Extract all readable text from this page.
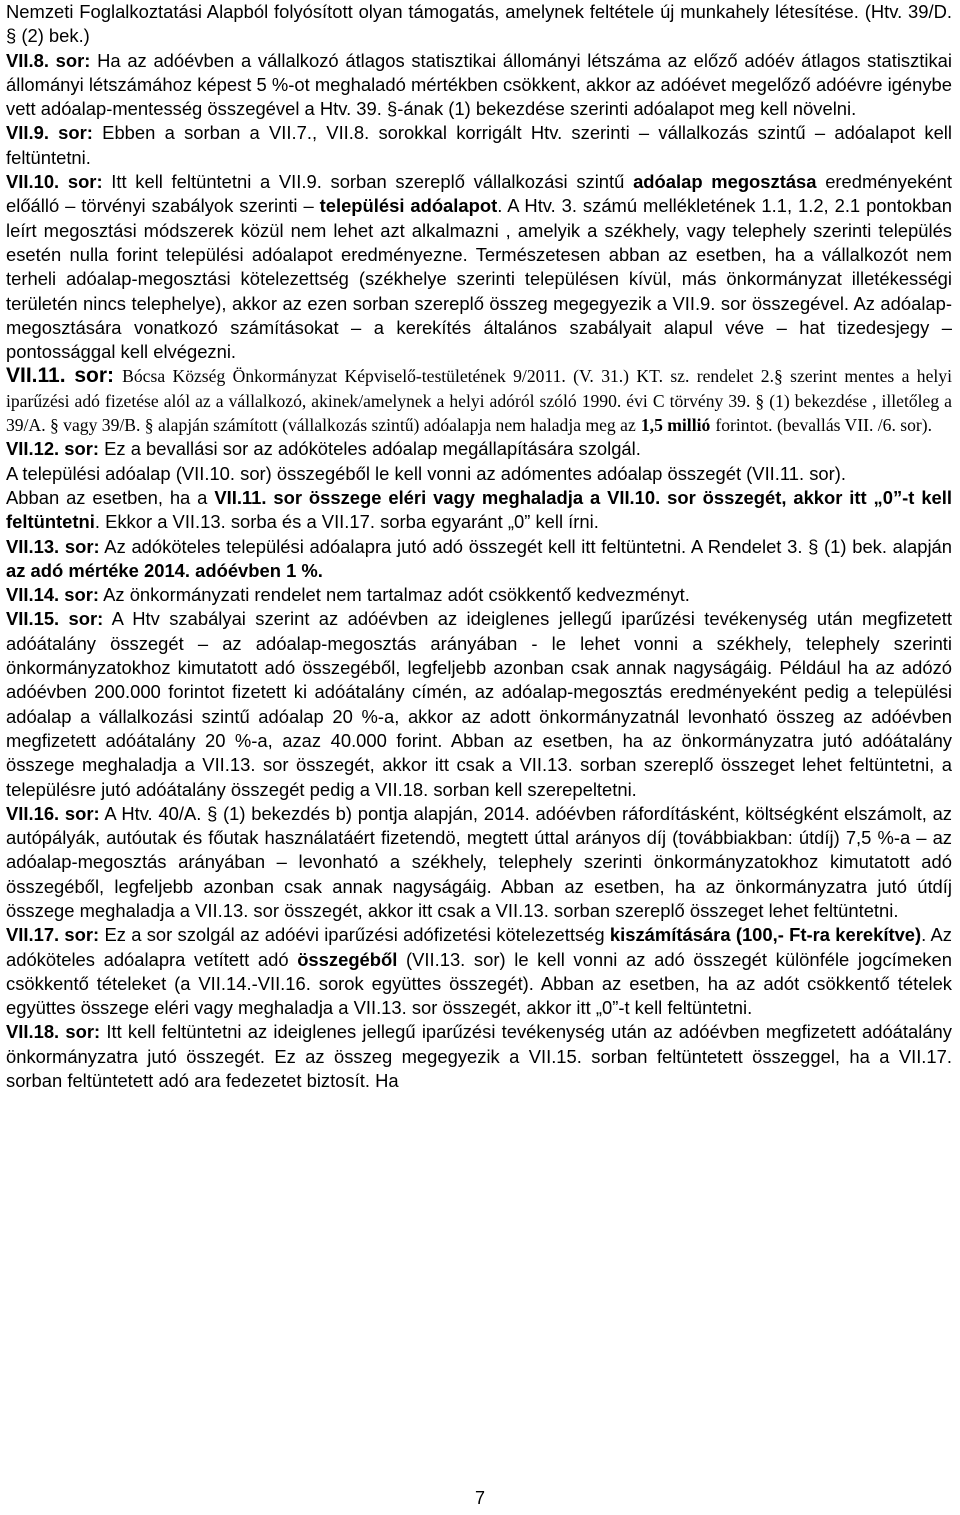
Nemzeti Foglalkoztatási Alapból folyósított olyan támogatás, amelynek feltétele új munkahely létesítése. (Htv. 39/D. § (2) bek.)

VII.8. sor: Ha az adóévben a vállalkozó átlagos statisztikai állományi létszáma az előző adóév átlagos statisztikai állományi létszámához képest 5 %-ot meghaladó mértékben csökkent, akkor az adóévet megelőző adóévre igénybe vett adóalap-mentesség összegével a Htv. 39. §-ának (1) bekezdése szerinti adóalapot meg kell növelni.

VII.9. sor: Ebben a sorban a VII.7., VII.8. sorokkal korrigált Htv. szerinti – vállalkozás szintű – adóalapot kell feltüntetni.

VII.10. sor: Itt kell feltüntetni a VII.9. sorban szereplő vállalkozási szintű adóalap megosztása eredményeként előálló – törvényi szabályok szerinti – települési adóalapot. A Htv. 3. számú mellékletének 1.1, 1.2, 2.1 pontokban leírt megosztási módszerek közül nem lehet azt alkalmazni , amelyik a székhely, vagy telephely szerinti település esetén nulla forint települési adóalapot eredményezne. Természetesen abban az esetben, ha a vállalkozót nem terheli adóalap-megosztási kötelezettség (székhelye szerinti településen kívül, más önkormányzat illetékességi területén nincs telephelye), akkor az ezen sorban szereplő összeg megegyezik a VII.9. sor összegével. Az adóalap-megosztására vonatkozó számításokat – a kerekítés általános szabályait alapul véve – hat tizedesjegy – pontossággal kell elvégezni.

VII.11. sor: Bócsa Község Önkormányzat Képviselő-testületének 9/2011. (V. 31.) KT. sz. rendelet 2.§ szerint mentes a helyi iparűzési adó fizetése alól az a vállalkozó, akinek/amelynek a helyi adóról szóló 1990. évi C törvény 39. § (1) bekezdése , illetőleg a 39/A. § vagy 39/B. § alapján számított (vállalkozás szintű) adóalapja nem haladja meg az 1,5 millió forintot. (bevallás VII. /6. sor).

VII.12. sor: Ez a bevallási sor az adóköteles adóalap megállapítására szolgál.

A települési adóalap (VII.10. sor) összegéből le kell vonni az adómentes adóalap összegét (VII.11. sor).

Abban az esetben, ha a VII.11. sor összege eléri vagy meghaladja a VII.10. sor összegét, akkor itt „0”-t kell feltüntetni. Ekkor a VII.13. sorba és a VII.17. sorba egyaránt „0” kell írni.

VII.13. sor: Az adóköteles települési adóalapra jutó adó összegét kell itt feltüntetni. A Rendelet 3. § (1) bek. alapján az adó mértéke 2014. adóévben 1 %.

VII.14. sor: Az önkormányzati rendelet nem tartalmaz adót csökkentő kedvezményt.

VII.15. sor: A Htv szabályai szerint az adóévben az ideiglenes jellegű iparűzési tevékenység után megfizetett adóátalány összegét – az adóalap-megosztás arányában - le lehet vonni a székhely, telephely szerinti önkormányzatokhoz kimutatott adó összegéből, legfeljebb azonban csak annak nagyságáig. Például ha az adózó adóévben 200.000 forintot fizetett ki adóátalány címén, az adóalap-megosztás eredményeként pedig a települési adóalap a vállalkozási szintű adóalap 20 %-a, akkor az adott önkormányzatnál levonható összeg az adóévben megfizetett adóátalány 20 %-a, azaz 40.000 forint. Abban az esetben, ha az önkormányzatra jutó adóátalány összege meghaladja a VII.13. sor összegét, akkor itt csak a VII.13. sorban szereplő összeget lehet feltüntetni, a településre jutó adóátalány összegét pedig a VII.18. sorban kell szerepeltetni.

VII.16. sor: A Htv. 40/A. § (1) bekezdés b) pontja alapján, 2014. adóévben ráfordításként, költségként elszámolt, az autópályák, autóutak és főutak használatáért fizetendö, megtett úttal arányos díj (továbbiakban: útdíj) 7,5 %-a – az adóalap-megosztás arányában – levonható a székhely, telephely szerinti önkormányzatokhoz kimutatott adó összegéből, legfeljebb azonban csak annak nagyságáig. Abban az esetben, ha az önkormányzatra jutó útdíj összege meghaladja a VII.13. sor összegét, akkor itt csak a VII.13. sorban szereplő összeget lehet feltüntetni.

VII.17. sor: Ez a sor szolgál az adóévi iparűzési adófizetési kötelezettség kiszámítására (100,- Ft-ra kerekítve). Az adóköteles adóalapra vetített adó összegéből (VII.13. sor) le kell vonni az adó összegét különféle jogcímeken csökkentő tételeket (a VII.14.-VII.16. sorok együttes összegét). Abban az esetben, ha az adót csökkentő tételek együttes összege eléri vagy meghaladja a VII.13. sor összegét, akkor itt „0”-t kell feltüntetni.

VII.18. sor: Itt kell feltüntetni az ideiglenes jellegű iparűzési tevékenység után az adóévben megfizetett adóátalány önkormányzatra jutó összegét. Ez az összeg megegyezik a VII.15. sorban feltüntetett összeggel, ha a VII.17. sorban feltüntetett adó ara fedezetet biztosít. Ha

7
